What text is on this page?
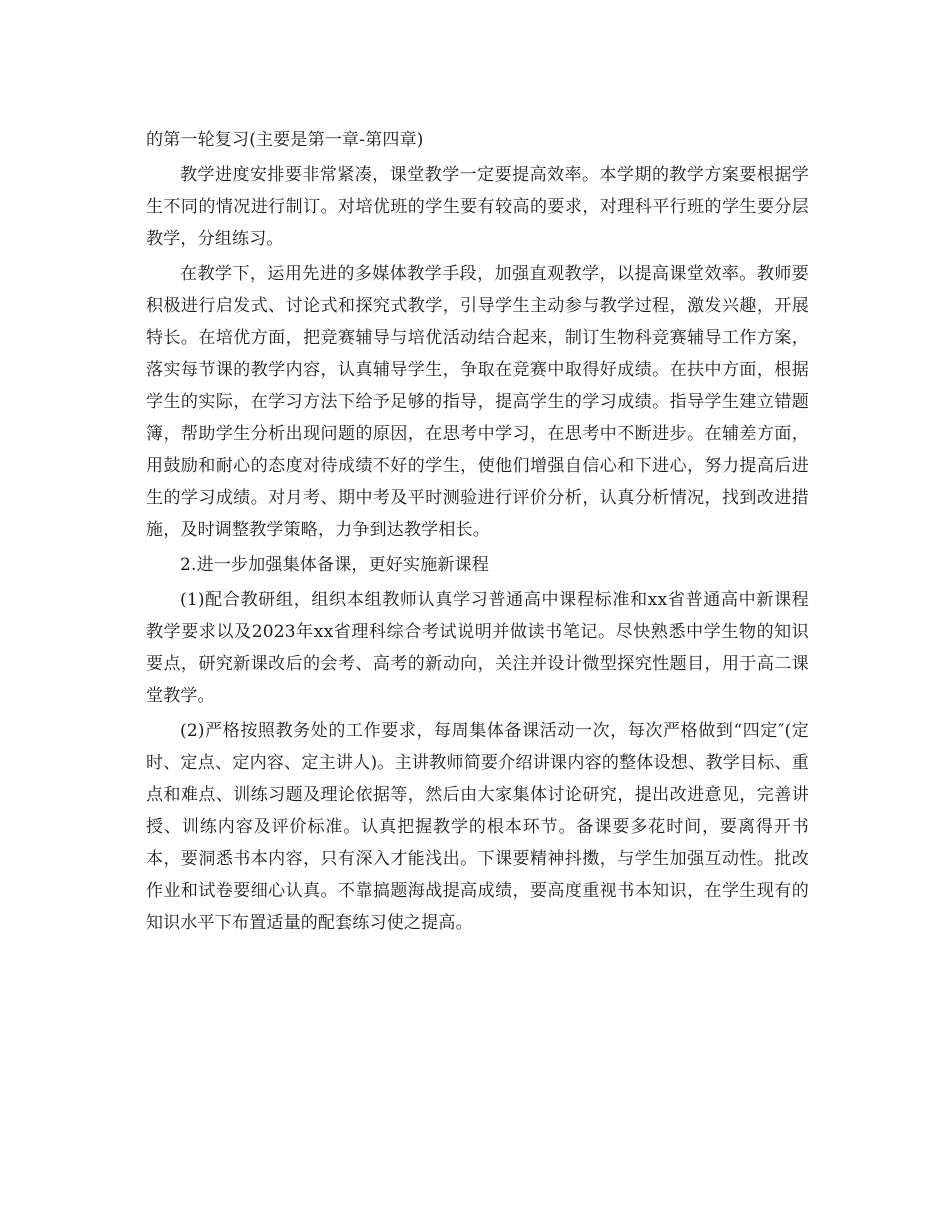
的第一轮复习(主要是第一章-第四章)

教学进度安排要非常紧凑，课堂教学一定要提高效率。本学期的教学方案要根据学生不同的情况进行制订。对培优班的学生要有较高的要求，对理科平行班的学生要分层教学，分组练习。

在教学下，运用先进的多媒体教学手段，加强直观教学，以提高课堂效率。教师要积极进行启发式、讨论式和探究式教学，引导学生主动参与教学过程，激发兴趣，开展特长。在培优方面，把竞赛辅导与培优活动结合起来，制订生物科竞赛辅导工作方案，落实每节课的教学内容，认真辅导学生，争取在竞赛中取得好成绩。在扶中方面，根据学生的实际，在学习方法下给予足够的指导，提高学生的学习成绩。指导学生建立错题簿，帮助学生分析出现问题的原因，在思考中学习，在思考中不断进步。在辅差方面，用鼓励和耐心的态度对待成绩不好的学生，使他们增强自信心和下进心，努力提高后进生的学习成绩。对月考、期中考及平时测验进行评价分析，认真分析情况，找到改进措施，及时调整教学策略，力争到达教学相长。

2.进一步加强集体备课，更好实施新课程

(1)配合教研组，组织本组教师认真学习普通高中课程标准和xx省普通高中新课程教学要求以及2023年xx省理科综合考试说明并做读书笔记。尽快熟悉中学生物的知识要点，研究新课改后的会考、高考的新动向，关注并设计微型探究性题目，用于高二课堂教学。

(2)严格按照教务处的工作要求，每周集体备课活动一次，每次严格做到“四定″(定时、定点、定内容、定主讲人)。主讲教师简要介绍讲课内容的整体设想、教学目标、重点和难点、训练习题及理论依据等，然后由大家集体讨论研究，提出改进意见，完善讲授、训练内容及评价标准。认真把握教学的根本环节。备课要多花时间，要离得开书本，要洞悉书本内容，只有深入才能浅出。下课要精神抖擞，与学生加强互动性。批改作业和试卷要细心认真。不靠搞题海战提高成绩，要高度重视书本知识，在学生现有的知识水平下布置适量的配套练习使之提高。
